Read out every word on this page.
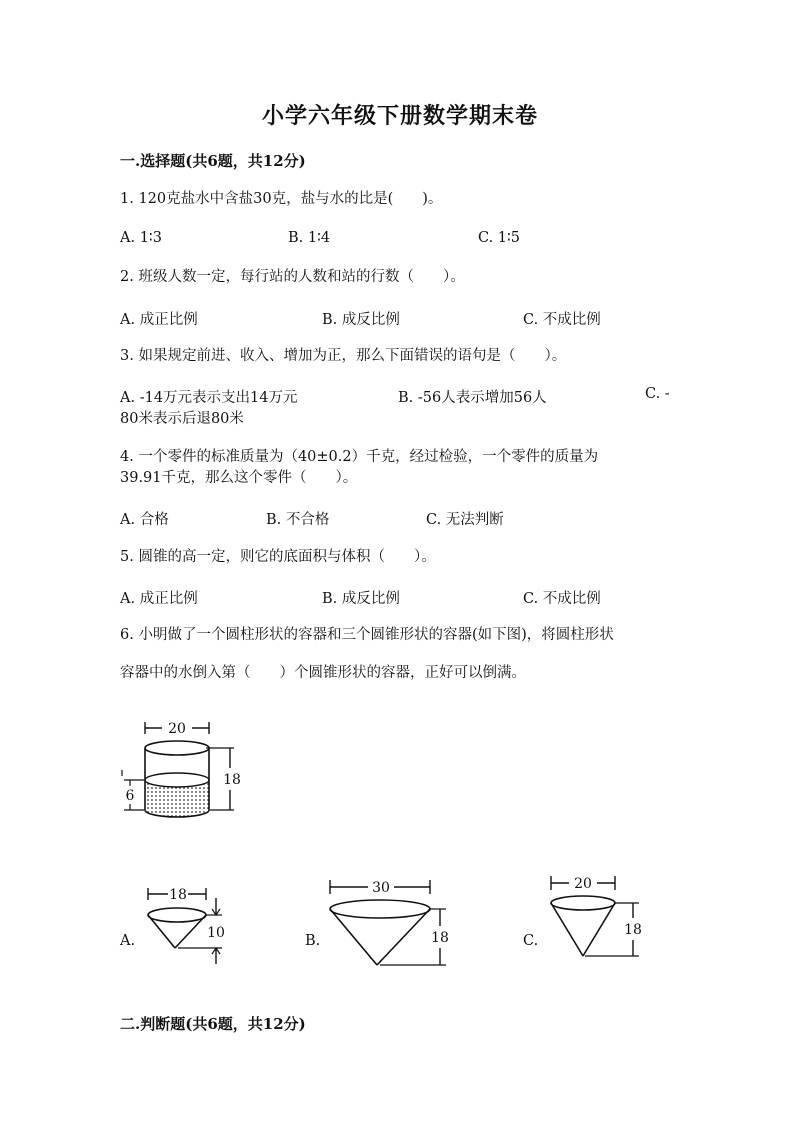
小学六年级下册数学期末卷
一.选择题(共6题，共12分)
1. 120克盐水中含盐30克，盐与水的比是(　　)。
A. 1∶3	B. 1∶4	C. 1∶5
2. 班级人数一定，每行站的人数和站的行数（　　）。
A. 成正比例	B. 成反比例	C. 不成比例
3. 如果规定前进、收入、增加为正，那么下面错误的语句是（　　）。
A. -14万元表示支出14万元	B. -56人表示增加56人	C. -
80米表示后退80米
4. 一个零件的标准质量为（40±0.2）千克，经过检验，一个零件的质量为
39.91千克，那么这个零件（　　）。
A. 合格	B. 不合格	C. 无法判断
5. 圆锥的高一定，则它的底面积与体积（　　）。
A. 成正比例	B. 成反比例	C. 不成比例
6. 小明做了一个圆柱形状的容器和三个圆锥形状的容器(如下图)，将圆柱形状
容器中的水倒入第（　　）个圆锥形状的容器，正好可以倒满。
20
18
6
A.
18
10	B.
30
18	C.
20
18
二.判断题(共6题，共12分)
